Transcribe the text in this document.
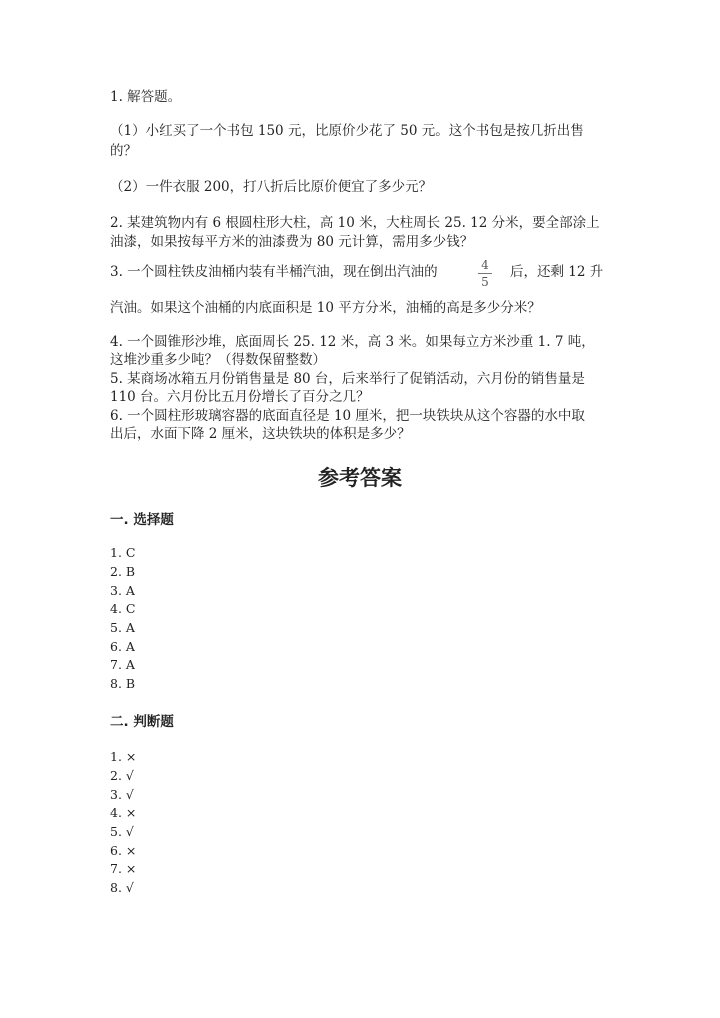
1. 解答题。
（1）小红买了一个书包 150 元，比原价少花了 50 元。这个书包是按几折出售
的？
（2）一件衣服 200，打八折后比原价便宜了多少元？
2. 某建筑物内有 6 根圆柱形大柱，高 10 米，大柱周长 25. 12 分米，要全部涂上
油漆，如果按每平方米的油漆费为 80 元计算，需用多少钱？
3. 一个圆柱铁皮油桶内装有半桶汽油，现在倒出汽油的	4
5
后，还剩 12 升
汽油。如果这个油桶的内底面积是 10 平方分米，油桶的高是多少分米？
4. 一个圆锥形沙堆，底面周长 25. 12 米，高 3 米。如果每立方米沙重 1. 7 吨，
这堆沙重多少吨？（得数保留整数）
5. 某商场冰箱五月份销售量是 80 台，后来举行了促销活动，六月份的销售量是
110 台。六月份比五月份增长了百分之几？
6. 一个圆柱形玻璃容器的底面直径是 10 厘米，把一块铁块从这个容器的水中取
出后，水面下降 2 厘米，这块铁块的体积是多少？
参考答案
一. 选择题
1. C
2. B
3. A
4. C
5. A
6. A
7. A
8. B
二. 判断题
1. ×
2. √
3. √
4. ×
5. √
6. ×
7. ×
8. √
